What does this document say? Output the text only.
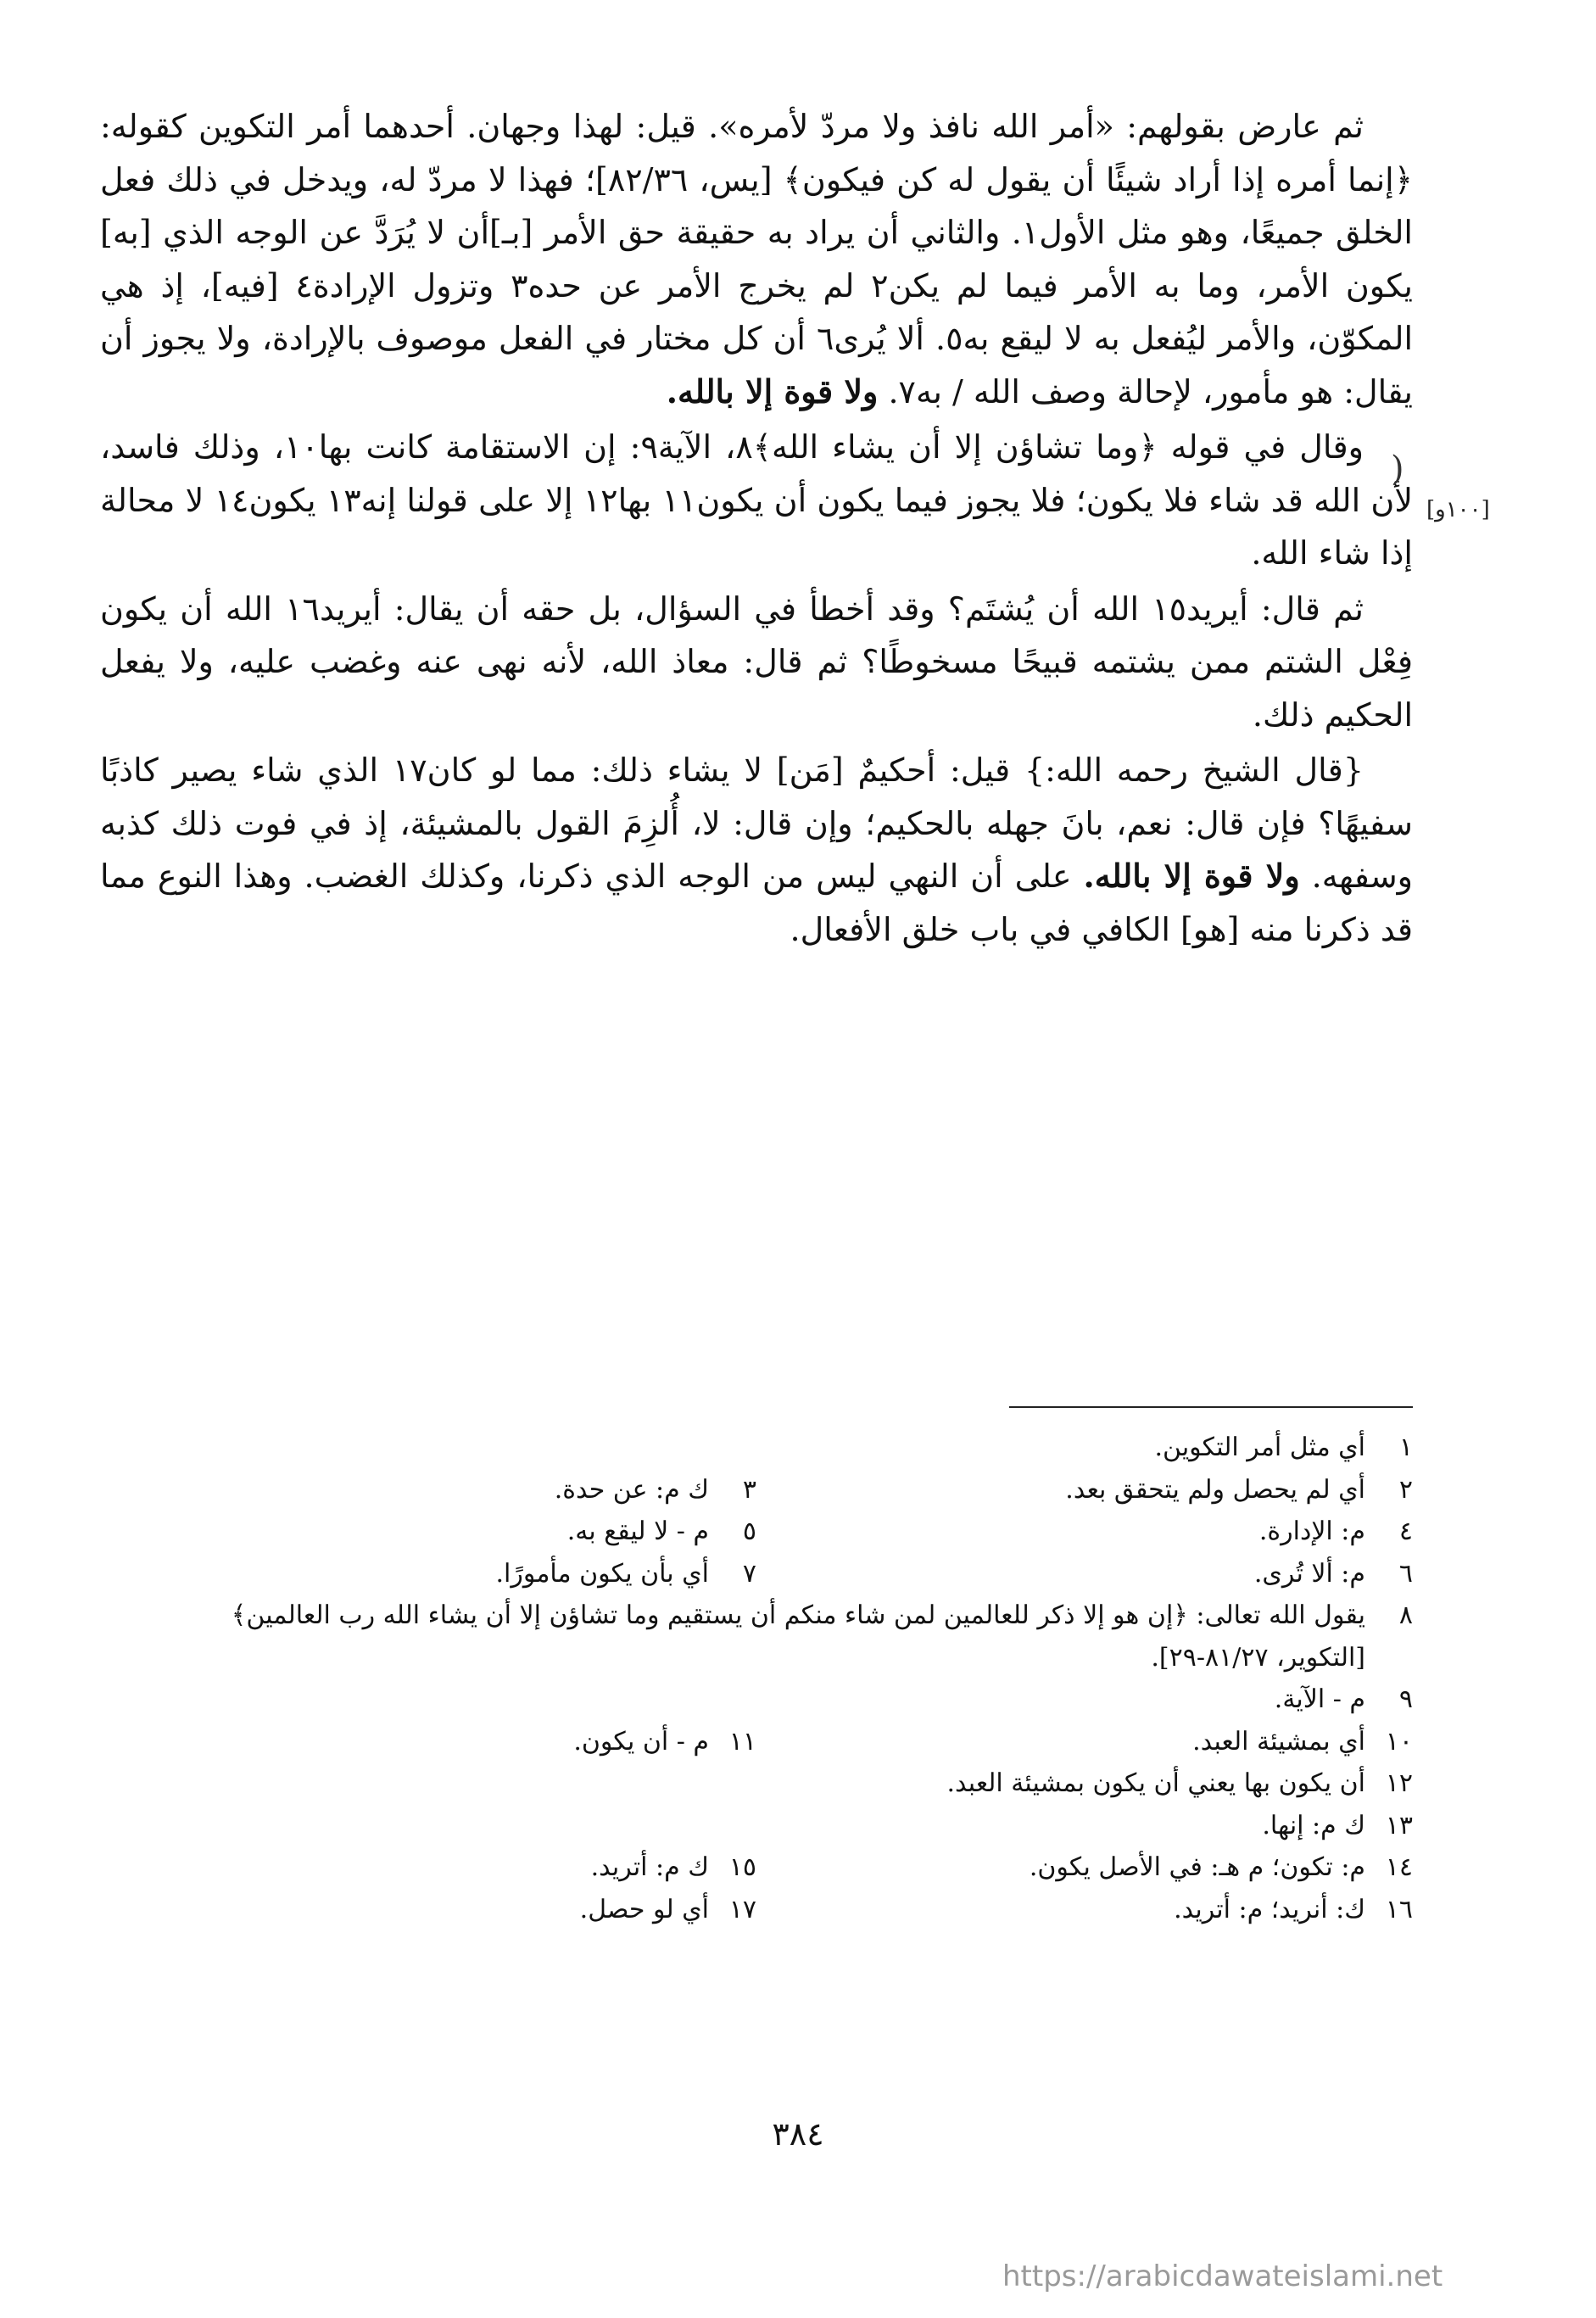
ثم عارض بقولهم: «أمر الله نافذ ولا مردّ لأمره». قيل: لهذا وجهان. أحدهما أمر التكوين كقوله: ﴿إنما أمره إذا أراد شيئًا أن يقول له كن فيكون﴾ [يس، ٨٢/٣٦]؛ فهذا لا مردّ له، ويدخل في ذلك فعل الخلق جميعًا، وهو مثل الأول١. والثاني أن يراد به حقيقة حق الأمر [بـ]أن لا يُرَدَّ عن الوجه الذي [به] يكون الأمر، وما به الأمر فيما لم يكن٢ لم يخرج الأمر عن حده٣ وتزول الإرادة٤ [فيه]، إذ هي المكوّن، والأمر ليُفعل به لا ليقع به٥. ألا يُرى٦ أن كل مختار في الفعل موصوف بالإرادة، ولا يجوز أن يقال: هو مأمور، لإحالة وصف الله / به٧. ولا قوة إلا بالله.

وقال في قوله ﴿وما تشاؤن إلا أن يشاء الله﴾٨، الآية٩: إن الاستقامة كانت بها١٠، وذلك فاسد، لأن الله قد شاء فلا يكون؛ فلا يجوز فيما يكون أن يكون١١ بها١٢ إلا على قولنا إنه١٣ يكون١٤ لا محالة إذا شاء الله.

ثم قال: أيريد١٥ الله أن يُشتَم؟ وقد أخطأ في السؤال، بل حقه أن يقال: أيريد١٦ الله أن يكون فِعْل الشتم ممن يشتمه قبيحًا مسخوطًا؟ ثم قال: معاذ الله، لأنه نهى عنه وغضب عليه، ولا يفعل الحكيم ذلك.

{قال الشيخ رحمه الله:} قيل: أحكيمٌ [مَن] لا يشاء ذلك: مما لو كان١٧ الذي شاء يصير كاذبًا سفيهًا؟ فإن قال: نعم، بانَ جهله بالحكيم؛ وإن قال: لا، أُلزِمَ القول بالمشيئة، إذ في فوت ذلك كذبه وسفهه. ولا قوة إلا بالله. على أن النهي ليس من الوجه الذي ذكرنا، وكذلك الغضب. وهذا النوع مما قد ذكرنا منه [هو] الكافي في باب خلق الأفعال.

)
[١٠٠و]
١أي مثل أمر التكوين.
٢أي لم يحصل ولم يتحقق بعد.
٣ك م: عن حدة.
٤م: الإدارة.
٥م - لا ليقع به.
٦م: ألا تُرى.
٧أي بأن يكون مأمورًا.
٨يقول الله تعالى: ﴿إن هو إلا ذكر للعالمين لمن شاء منكم أن يستقيم وما تشاؤن إلا أن يشاء الله رب العالمين﴾
[التكوير، ٨١/٢٧-٢٩].
٩م - الآية.
١٠أي بمشيئة العبد.
١١م - أن يكون.
١٢أن يكون بها يعني أن يكون بمشيئة العبد.
١٣ك م: إنها.
١٤م: تكون؛ م هـ: في الأصل يكون.
١٥ك م: أتريد.
١٦ك: أنريد؛ م: أتريد.
١٧أي لو حصل.
٣٨٤
https://arabicdawateislami.net
